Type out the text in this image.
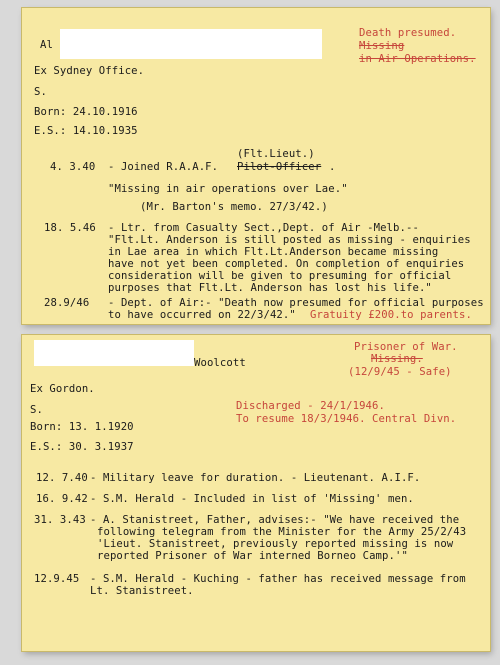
Al
Death presumed.
Missing
in Air Operations.
Ex Sydney Office.
S.
Born: 24.10.1916
E.S.: 14.10.1935
(Flt.Lieut.)
4. 3.40 - Joined R.A.A.F. Pilot-Officer .
"Missing in air operations over Lae."
(Mr. Barton's memo. 27/3/42.)
18. 5.46 - Ltr. from Casualty Sect.,Dept. of Air -Melb.--
"Flt.Lt. Anderson is still posted as missing - enquiries
in Lae area in which Flt.Lt.Anderson became missing
have not yet been completed. On completion of enquiries
consideration will be given to presuming for official
purposes that Flt.Lt. Anderson has lost his life."
28.9/46 - Dept. of Air:- "Death now presumed for official purposes
to have occurred on 22/3/42." Gratuity £200.to parents.
Woolcott
Prisoner of War.
Missing.
(12/9/45 - Safe)
Ex Gordon.
S.
Born: 13. 1.1920
E.S.: 30. 3.1937
Discharged - 24/1/1946.
To resume 18/3/1946. Central Divn.
12. 7.40 - Military leave for duration. - Lieutenant. A.I.F.
16. 9.42 - S.M. Herald - Included in list of 'Missing' men.
31. 3.43 - A. Stanistreet, Father, advises:- "We have received the
following telegram from the Minister for the Army 25/2/43
'Lieut. Stanistreet, previously reported missing is now
reported Prisoner of War interned Borneo Camp.'"
12.9.45 - S.M. Herald - Kuching - father has received message from
Lt. Stanistreet.
